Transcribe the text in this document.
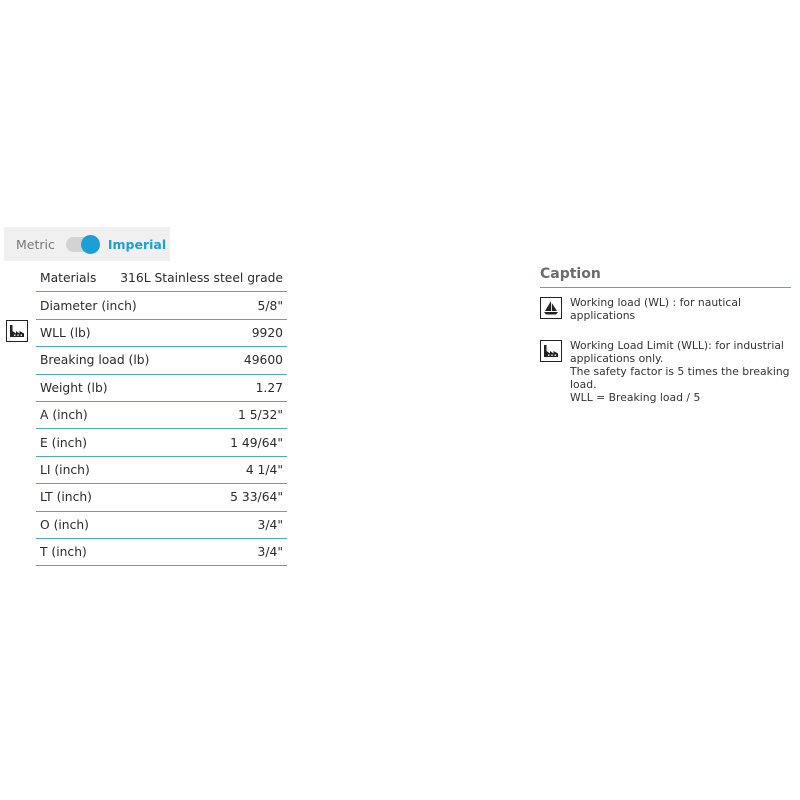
Metric	Imperial
Materials 316L Stainless steel grade
Diameter (inch)	5/8"
WLL (lb)	9920
Breaking load (lb)	49600
Weight (lb)	1.27
A (inch)	1 5/32"
E (inch)	1 49/64"
LI (inch)	4 1/4"
LT (inch)	5 33/64"
O (inch)	3/4"
T (inch)	3/4"
Caption
Working load (WL) : for nautical applications
Working Load Limit (WLL): for industrial applications only.
The safety factor is 5 times the breaking load.
WLL = Breaking load / 5
